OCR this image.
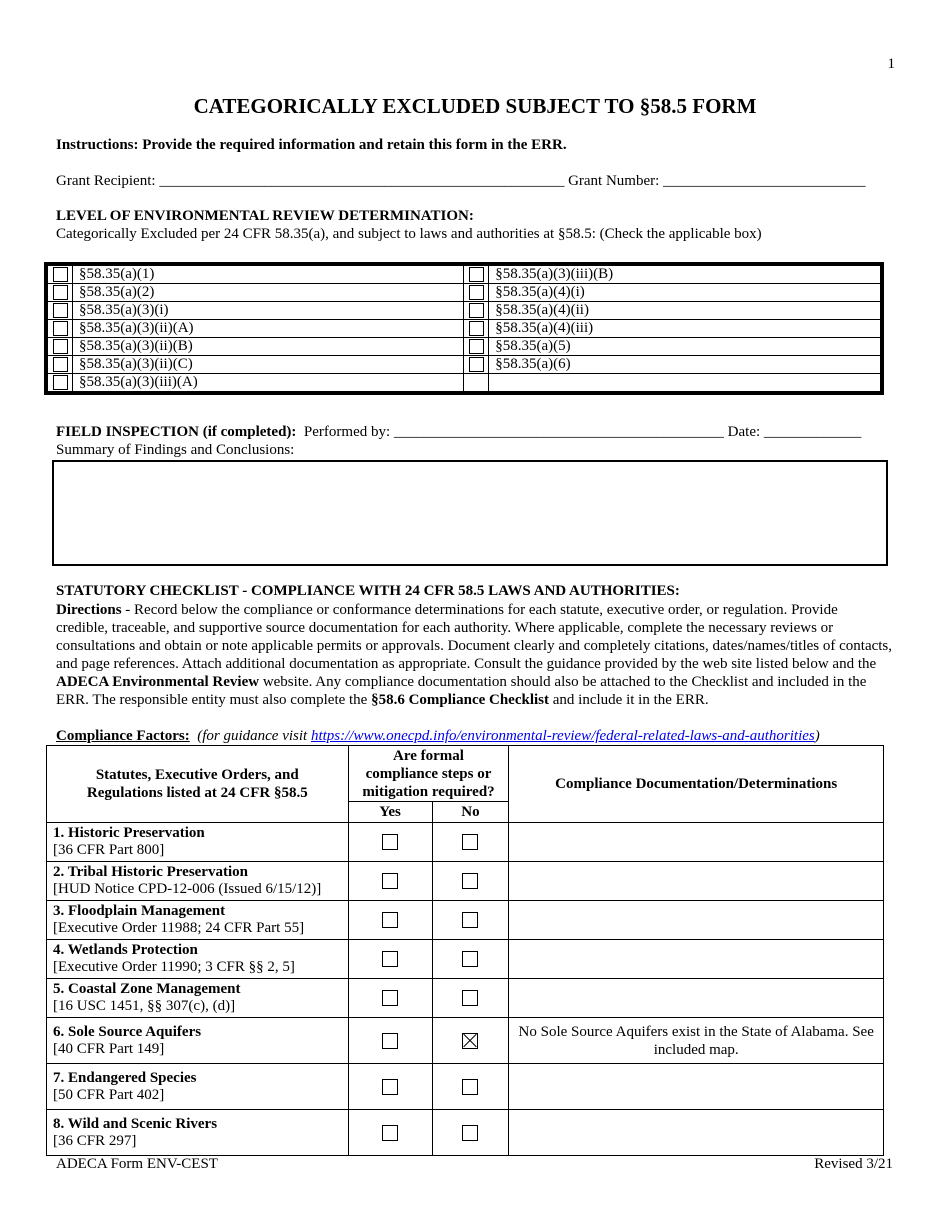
1
CATEGORICALLY EXCLUDED SUBJECT TO §58.5 FORM
Instructions: Provide the required information and retain this form in the ERR.
Grant Recipient: ______________________________________________________ Grant Number: ___________________________
LEVEL OF ENVIRONMENTAL REVIEW DETERMINATION:
Categorically Excluded per 24 CFR 58.35(a), and subject to laws and authorities at §58.5: (Check the applicable box)
	§58.35(a)(1)		§58.35(a)(3)(iii)(B)
	§58.35(a)(2)		§58.35(a)(4)(i)
	§58.35(a)(3)(i)		§58.35(a)(4)(ii)
	§58.35(a)(3)(ii)(A)		§58.35(a)(4)(iii)
	§58.35(a)(3)(ii)(B)		§58.35(a)(5)
	§58.35(a)(3)(ii)(C)		§58.35(a)(6)
	§58.35(a)(3)(iii)(A)		
FIELD INSPECTION (if completed):  Performed by: ____________________________________________ Date: _____________
Summary of Findings and Conclusions:
STATUTORY CHECKLIST - COMPLIANCE WITH 24 CFR 58.5 LAWS AND AUTHORITIES:
Directions - Record below the compliance or conformance determinations for each statute, executive order, or regulation. Provide credible, traceable, and supportive source documentation for each authority. Where applicable, complete the necessary reviews or consultations and obtain or note applicable permits or approvals. Document clearly and completely citations, dates/names/titles of contacts, and page references. Attach additional documentation as appropriate. Consult the guidance provided by the web site listed below and the ADECA Environmental Review website. Any compliance documentation should also be attached to the Checklist and included in the ERR. The responsible entity must also complete the §58.6 Compliance Checklist and include it in the ERR.
Compliance Factors: (for guidance visit https://www.onecpd.info/environmental-review/federal-related-laws-and-authorities)
Statutes, Executive Orders, and Regulations listed at 24 CFR §58.5	Are formal compliance steps or mitigation required?		Compliance Documentation/Determinations
	Yes	No	
1. Historic Preservation
[36 CFR Part 800]			
2. Tribal Historic Preservation
[HUD Notice CPD-12-006 (Issued 6/15/12)]			
3. Floodplain Management
[Executive Order 11988; 24 CFR Part 55]			
4. Wetlands Protection
[Executive Order 11990; 3 CFR §§ 2, 5]			
5. Coastal Zone Management
[16 USC 1451, §§ 307(c), (d)]			
6. Sole Source Aquifers
[40 CFR Part 149]			No Sole Source Aquifers exist in the State of Alabama. See included map.
7. Endangered Species
[50 CFR Part 402]			
8. Wild and Scenic Rivers
[36 CFR 297]			
ADECA Form ENV-CEST	Revised 3/21
